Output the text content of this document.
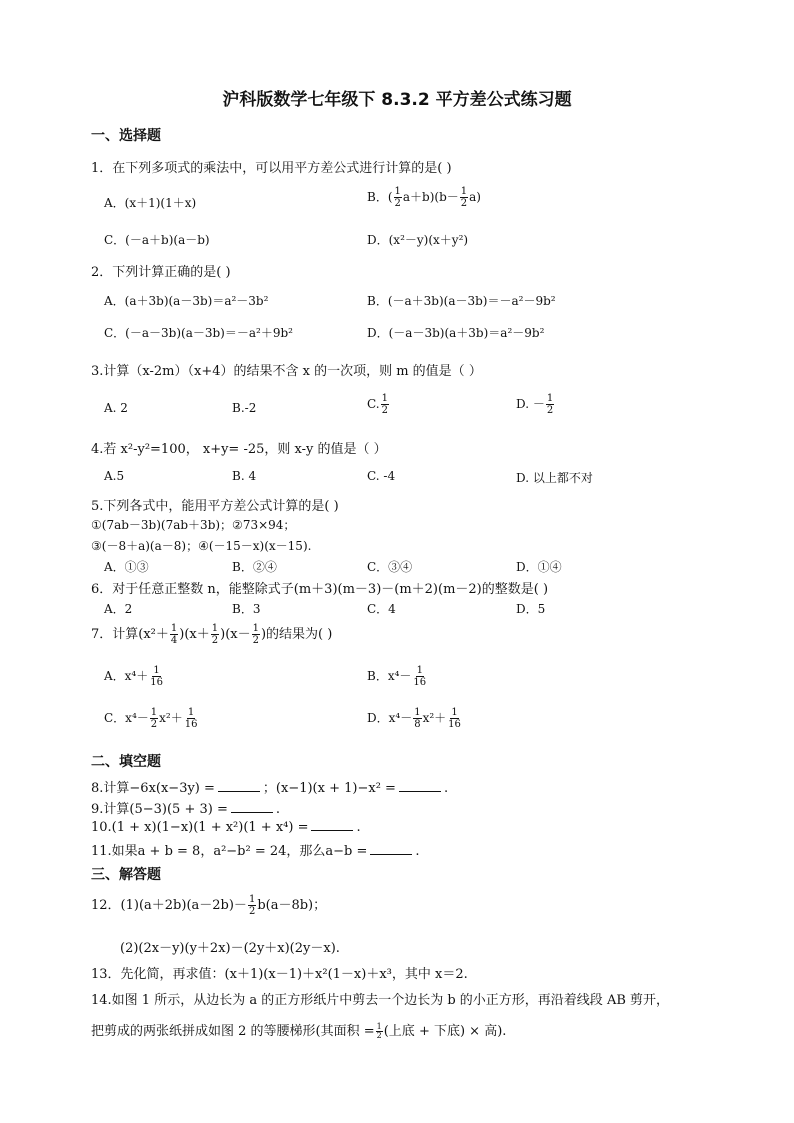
沪科版数学七年级下 8.3.2 平方差公式练习题
一、选择题
1．在下列多项式的乘法中，可以用平方差公式进行计算的是( )
A．(x＋1)(1＋x)	B．( $\frac{1}{2} a+b)(b- \frac{1}{2} a)$
C．(－a＋b)(a－b)	D．(x²－y)(x＋y²)
2．下列计算正确的是( )
A．(a＋3b)(a－3b)＝a²－3b²	B．(－a＋3b)(a－3b)＝－a²－9b²
C．(－a－3b)(a－3b)＝－a²＋9b²	D．(－a－3b)(a＋3b)＝a²－9b²
3.计算（x-2m）（x+4）的结果不含 x 的一次项，则 m 的值是（ ）
A. 2	B.-2	C. $\frac{1}{2}$	D. － $\frac{1}{2}$
4.若 x²-y²=100， x+y= -25，则 x-y 的值是（ ）
A.5	B. 4	C. -4	D. 以上都不对
5.下列各式中，能用平方差公式计算的是( )
①(7ab－3b)(7ab＋3b)；②73×94；
③(－8＋a)(a－8)；④(－15－x)(x－15).
A．①③	B．②④	C．③④	D．①④
6．对于任意正整数 n，能整除式子(m＋3)(m－3)－(m＋2)(m－2)的整数是( )
A．2	B．3	C．4	D．5
7．计算$(x^2+ \frac{1}{4} )(x+ \frac{1}{2} )(x- \frac{1}{2}$ )的结果为( )
A．$x^4+ \frac{1}{16}$	B．$x^4- \frac{1}{16}$
C．$x^4- \frac{1}{2} x^2+ \frac{1}{16}$	D．$x^4- \frac{1}{8} x^2+ \frac{1}{16}$
二、填空题
8.计算−6x(x−3y) =	；(x−1)(x + 1)−x² =	.
9.计算(5−3)(5 + 3) =	.
10.(1 + x)(1−x)(1 + x²)(1 + x⁴) =	.
11.如果a + b = 8，a²−b² = 24，那么a−b =	.
三、解答题
12．$(1)(a+2b)(a-2b)- \frac{1}{2} b(a-8b)$；
(2)(2x－y)(y＋2x)－(2y＋x)(2y－x).
13．先化简，再求值：(x＋1)(x－1)＋x²(1－x)＋x³，其中 x＝2.
14.如图 1 所示，从边长为 a 的正方形纸片中剪去一个边长为 b 的小正方形，再沿着线段 AB 剪开，
把剪成的两张纸拼成如图 2 的等腰梯形(其面积 = $\frac{1}{2}$ (上底 + 下底) × 高).
